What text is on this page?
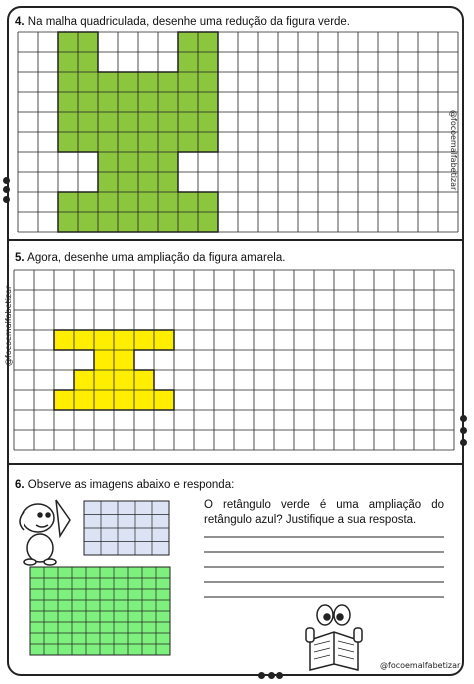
@focoemalfabetizar
@focoemalfabetizar
@focoemalfabetizar
4. Na malha quadriculada, desenhe uma redução da figura verde.
5. Agora, desenhe uma ampliação da figura amarela.
6. Observe as imagens abaixo e responda:
O retângulo verde é uma ampliação do retângulo azul? Justifique a sua resposta.
